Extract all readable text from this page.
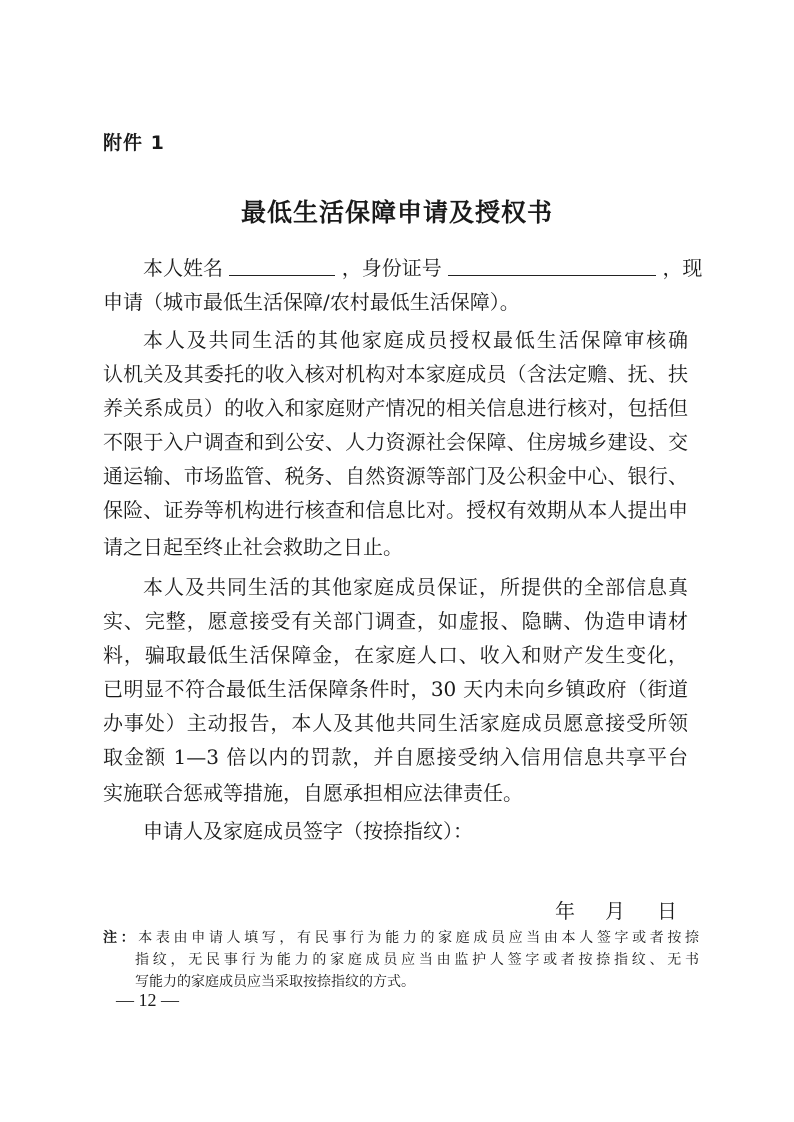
附件 1
最低生活保障申请及授权书
本人姓名	，身份证号	，现
申请（城市最低生活保障/农村最低生活保障）。
本人及共同生活的其他家庭成员授权最低生活保障审核确
认机关及其委托的收入核对机构对本家庭成员（含法定赡、抚、扶
养关系成员）的收入和家庭财产情况的相关信息进行核对，包括但
不限于入户调查和到公安、人力资源社会保障、住房城乡建设、交
通运输、市场监管、税务、自然资源等部门及公积金中心、银行、
保险、证券等机构进行核查和信息比对。授权有效期从本人提出申
请之日起至终止社会救助之日止。
本人及共同生活的其他家庭成员保证，所提供的全部信息真
实、完整，愿意接受有关部门调查，如虚报、隐瞒、伪造申请材
料，骗取最低生活保障金，在家庭人口、收入和财产发生变化，
已明显不符合最低生活保障条件时，30 天内未向乡镇政府（街道
办事处）主动报告，本人及其他共同生活家庭成员愿意接受所领
取金额 1—3 倍以内的罚款，并自愿接受纳入信用信息共享平台
实施联合惩戒等措施，自愿承担相应法律责任。
申请人及家庭成员签字（按捺指纹）：
年 月 日
注：本表由申请人填写，有民事行为能力的家庭成员应当由本人签字或者按捺
指纹，无民事行为能力的家庭成员应当由监护人签字或者按捺指纹、无书
写能力的家庭成员应当采取按捺指纹的方式。
— 12 —
